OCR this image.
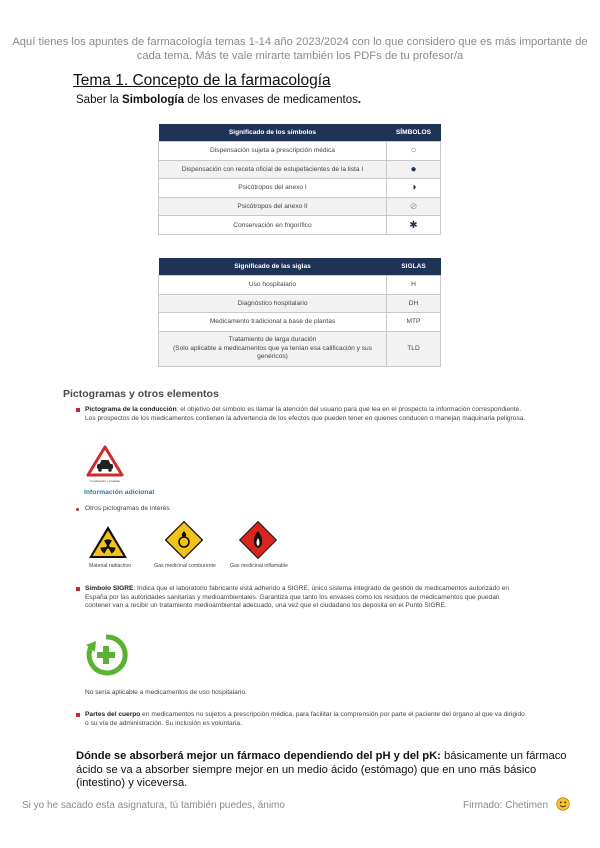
Aquí tienes los apuntes de farmacología temas 1-14 año 2023/2024 con lo que considero que es más importante de cada tema. Más te vale mirarte también los PDFs de tu profesor/a
Tema 1. Concepto de la farmacología
Saber la Simbología de los envases de medicamentos.
Significado de los símbolos	SÍMBOLOS
Dispensación sujeta a prescripción médica	○
Dispensación con receta oficial de estupefacientes de la lista I	●
Psicótropos del anexo I	◑
Psicótropos del anexo II	⊘
Conservación en frigorífico	✱
Significado de las siglas	SIGLAS
Uso hospitalario	H
Diagnóstico hospitalario	DH
Medicamento tradicional a base de plantas	MTP
Tratamiento de larga duración
(Solo aplicable a medicamentos que ya tenían esa calificación y sus genéricos)	TLD
Pictogramas y otros elementos
Pictograma de la conducción: el objetivo del símbolo es llamar la atención del usuario para que lea en el prospecto la información correspondiente. Los prospectos de los medicamentos contienen la advertencia de los efectos que pueden tener en quienes conducen o manejan maquinaria peligrosa.
Conducción y pruebas
Información adicional
Otros pictogramas de interés
Material radiactivo	Gas medicinal comburente	Gas medicinal inflamable
Símbolo SIGRE: Indica que el laboratorio fabricante está adherido a SIGRE, único sistema integrado de gestión de medicamentos autorizado en España por las autoridades sanitarias y medioambientales. Garantiza que tanto los envases como los residuos de medicamentos que puedan contener van a recibir un tratamiento medioambiental adecuado, una vez que el ciudadano los deposita en el Punto SIGRE.
No sería aplicable a medicamentos de uso hospitalario.
Partes del cuerpo en medicamentos no sujetos a prescripción médica, para facilitar la comprensión por parte el paciente del órgano al que va dirigido o su vía de administración. Su inclusión es voluntaria.
Dónde se absorberá mejor un fármaco dependiendo del pH y del pK: básicamente un fármaco ácido se va a absorber siempre mejor en un medio ácido (estómago) que en uno más básico (intestino) y viceversa.
Si yo he sacado esta asignatura, tú también puedes, ánimo	Firmado: Chetimen
